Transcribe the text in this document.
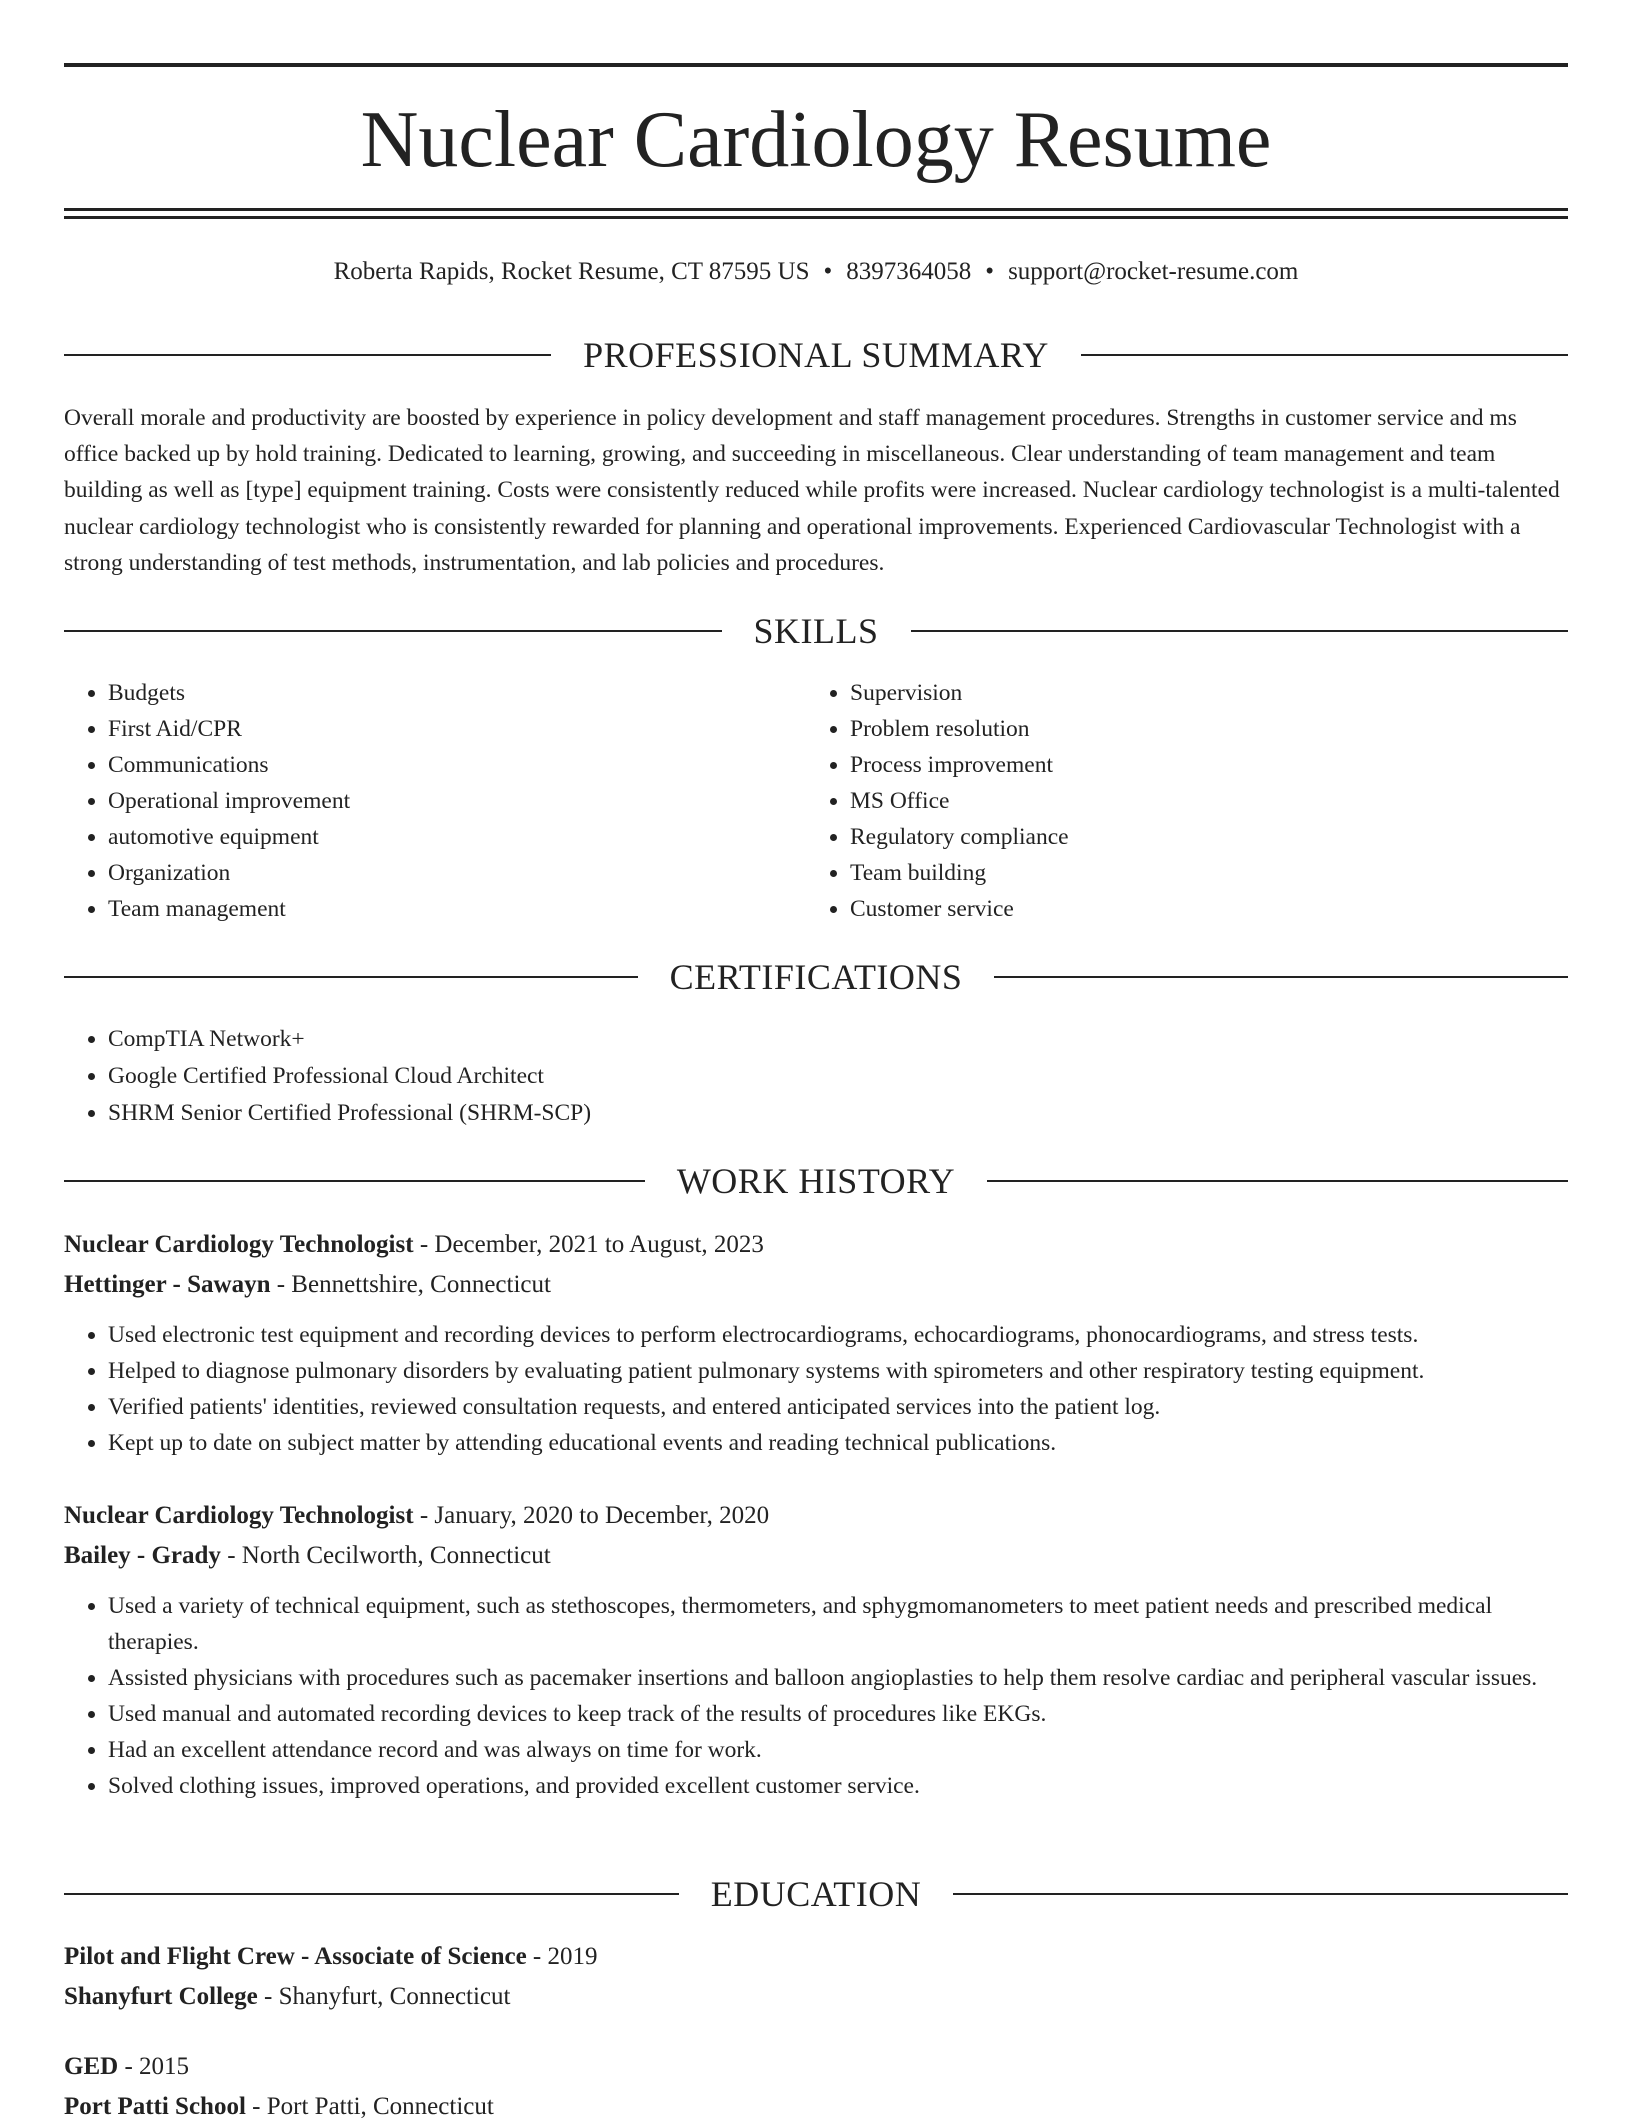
Nuclear Cardiology Resume
Roberta Rapids, Rocket Resume, CT 87595 US • 8397364058 • support@rocket-resume.com
PROFESSIONAL SUMMARY

Overall morale and productivity are boosted by experience in policy development and staff management procedures. Strengths in customer service and ms office backed up by hold training. Dedicated to learning, growing, and succeeding in miscellaneous. Clear understanding of team management and team building as well as [type] equipment training. Costs were consistently reduced while profits were increased. Nuclear cardiology technologist is a multi-talented nuclear cardiology technologist who is consistently rewarded for planning and operational improvements. Experienced Cardiovascular Technologist with a strong understanding of test methods, instrumentation, and lab policies and procedures.

SKILLS
• Budgets
• First Aid/CPR
• Communications
• Operational improvement
• automotive equipment
• Organization
• Team management
• Supervision
• Problem resolution
• Process improvement
• MS Office
• Regulatory compliance
• Team building
• Customer service
CERTIFICATIONS
• CompTIA Network+
• Google Certified Professional Cloud Architect
• SHRM Senior Certified Professional (SHRM-SCP)
WORK HISTORY
Nuclear Cardiology Technologist - December, 2021 to August, 2023
Hettinger - Sawayn - Bennettshire, Connecticut
• Used electronic test equipment and recording devices to perform electrocardiograms, echocardiograms, phonocardiograms, and stress tests.
• Helped to diagnose pulmonary disorders by evaluating patient pulmonary systems with spirometers and other respiratory testing equipment.
• Verified patients' identities, reviewed consultation requests, and entered anticipated services into the patient log.
• Kept up to date on subject matter by attending educational events and reading technical publications.
Nuclear Cardiology Technologist - January, 2020 to December, 2020
Bailey - Grady - North Cecilworth, Connecticut
• Used a variety of technical equipment, such as stethoscopes, thermometers, and sphygmomanometers to meet patient needs and prescribed medical therapies.
• Assisted physicians with procedures such as pacemaker insertions and balloon angioplasties to help them resolve cardiac and peripheral vascular issues.
• Used manual and automated recording devices to keep track of the results of procedures like EKGs.
• Had an excellent attendance record and was always on time for work.
• Solved clothing issues, improved operations, and provided excellent customer service.
EDUCATION
Pilot and Flight Crew - Associate of Science - 2019
Shanyfurt College - Shanyfurt, Connecticut
GED - 2015
Port Patti School - Port Patti, Connecticut
